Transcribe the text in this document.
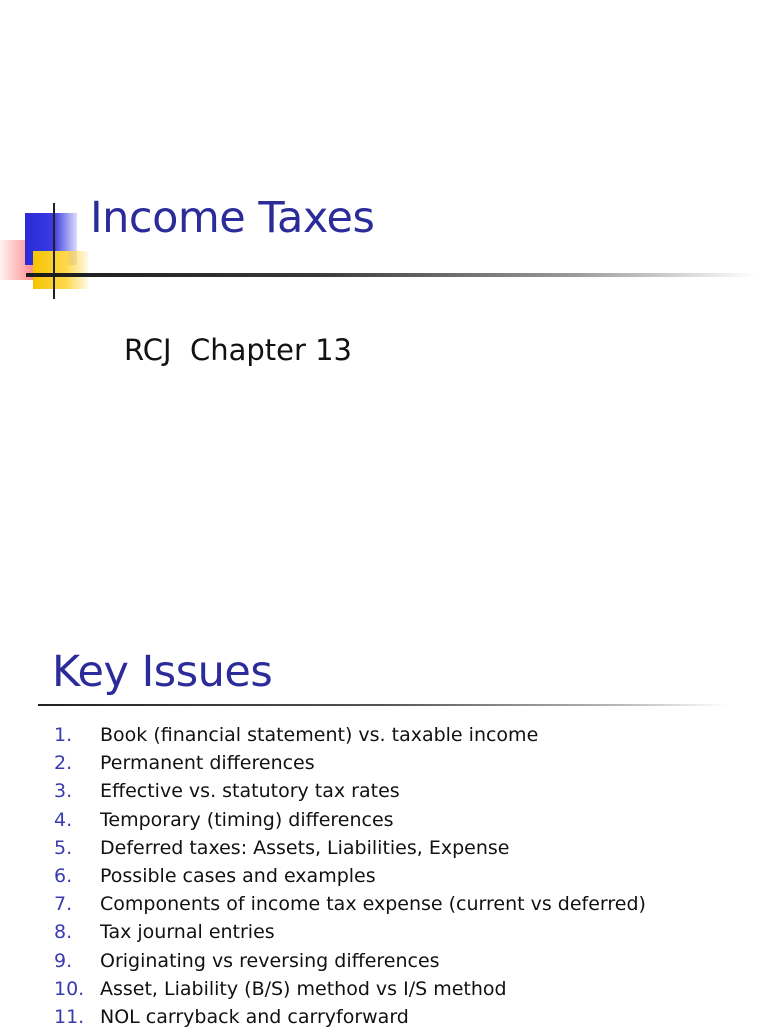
Income Taxes
RCJ  Chapter 13
Key Issues
1. Book (financial statement) vs. taxable income
2. Permanent differences
3. Effective vs. statutory tax rates
4. Temporary (timing) differences
5. Deferred taxes: Assets, Liabilities, Expense
6. Possible cases and examples
7. Components of income tax expense (current vs deferred)
8. Tax journal entries
9. Originating vs reversing differences
10. Asset, Liability (B/S) method vs I/S method
11. NOL carryback and carryforward
